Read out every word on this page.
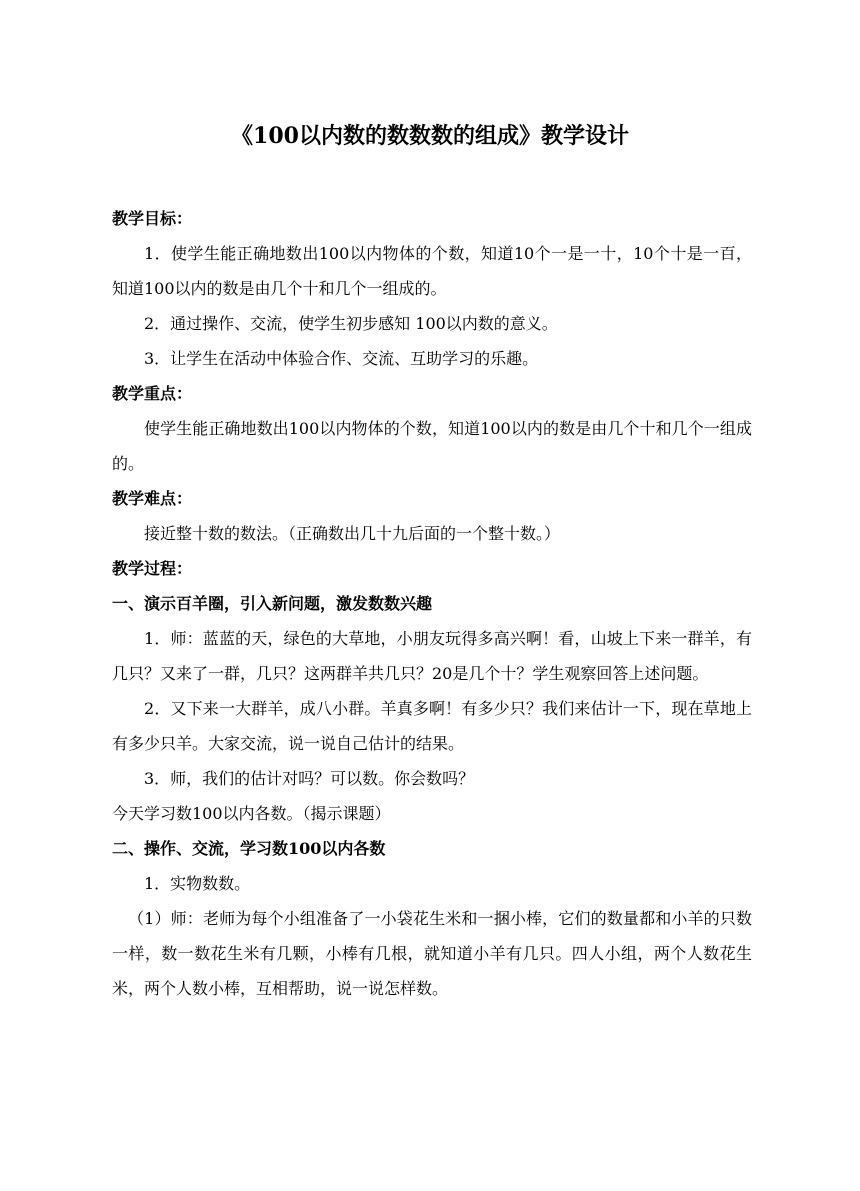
《100以内数的数数数的组成》教学设计

教学目标：

1．使学生能正确地数出100以内物体的个数，知道10个一是一十，10个十是一百，知道100以内的数是由几个十和几个一组成的。

2．通过操作、交流，使学生初步感知 100以内数的意义。

3．让学生在活动中体验合作、交流、互助学习的乐趣。

教学重点：

使学生能正确地数出100以内物体的个数，知道100以内的数是由几个十和几个一组成的。

教学难点：

接近整十数的数法。（正确数出几十九后面的一个整十数。）

教学过程：

一、演示百羊圈，引入新问题，激发数数兴趣

1．师：蓝蓝的天，绿色的大草地，小朋友玩得多高兴啊！看，山坡上下来一群羊，有几只？又来了一群，几只？这两群羊共几只？20是几个十？学生观察回答上述问题。

2．又下来一大群羊，成八小群。羊真多啊！有多少只？我们来估计一下，现在草地上有多少只羊。大家交流，说一说自己估计的结果。

3．师，我们的估计对吗？可以数。你会数吗？

今天学习数100以内各数。（揭示课题）

二、操作、交流，学习数100以内各数

1．实物数数。

（1）师：老师为每个小组准备了一小袋花生米和一捆小棒，它们的数量都和小羊的只数一样，数一数花生米有几颗，小棒有几根，就知道小羊有几只。四人小组，两个人数花生米，两个人数小棒，互相帮助，说一说怎样数。
